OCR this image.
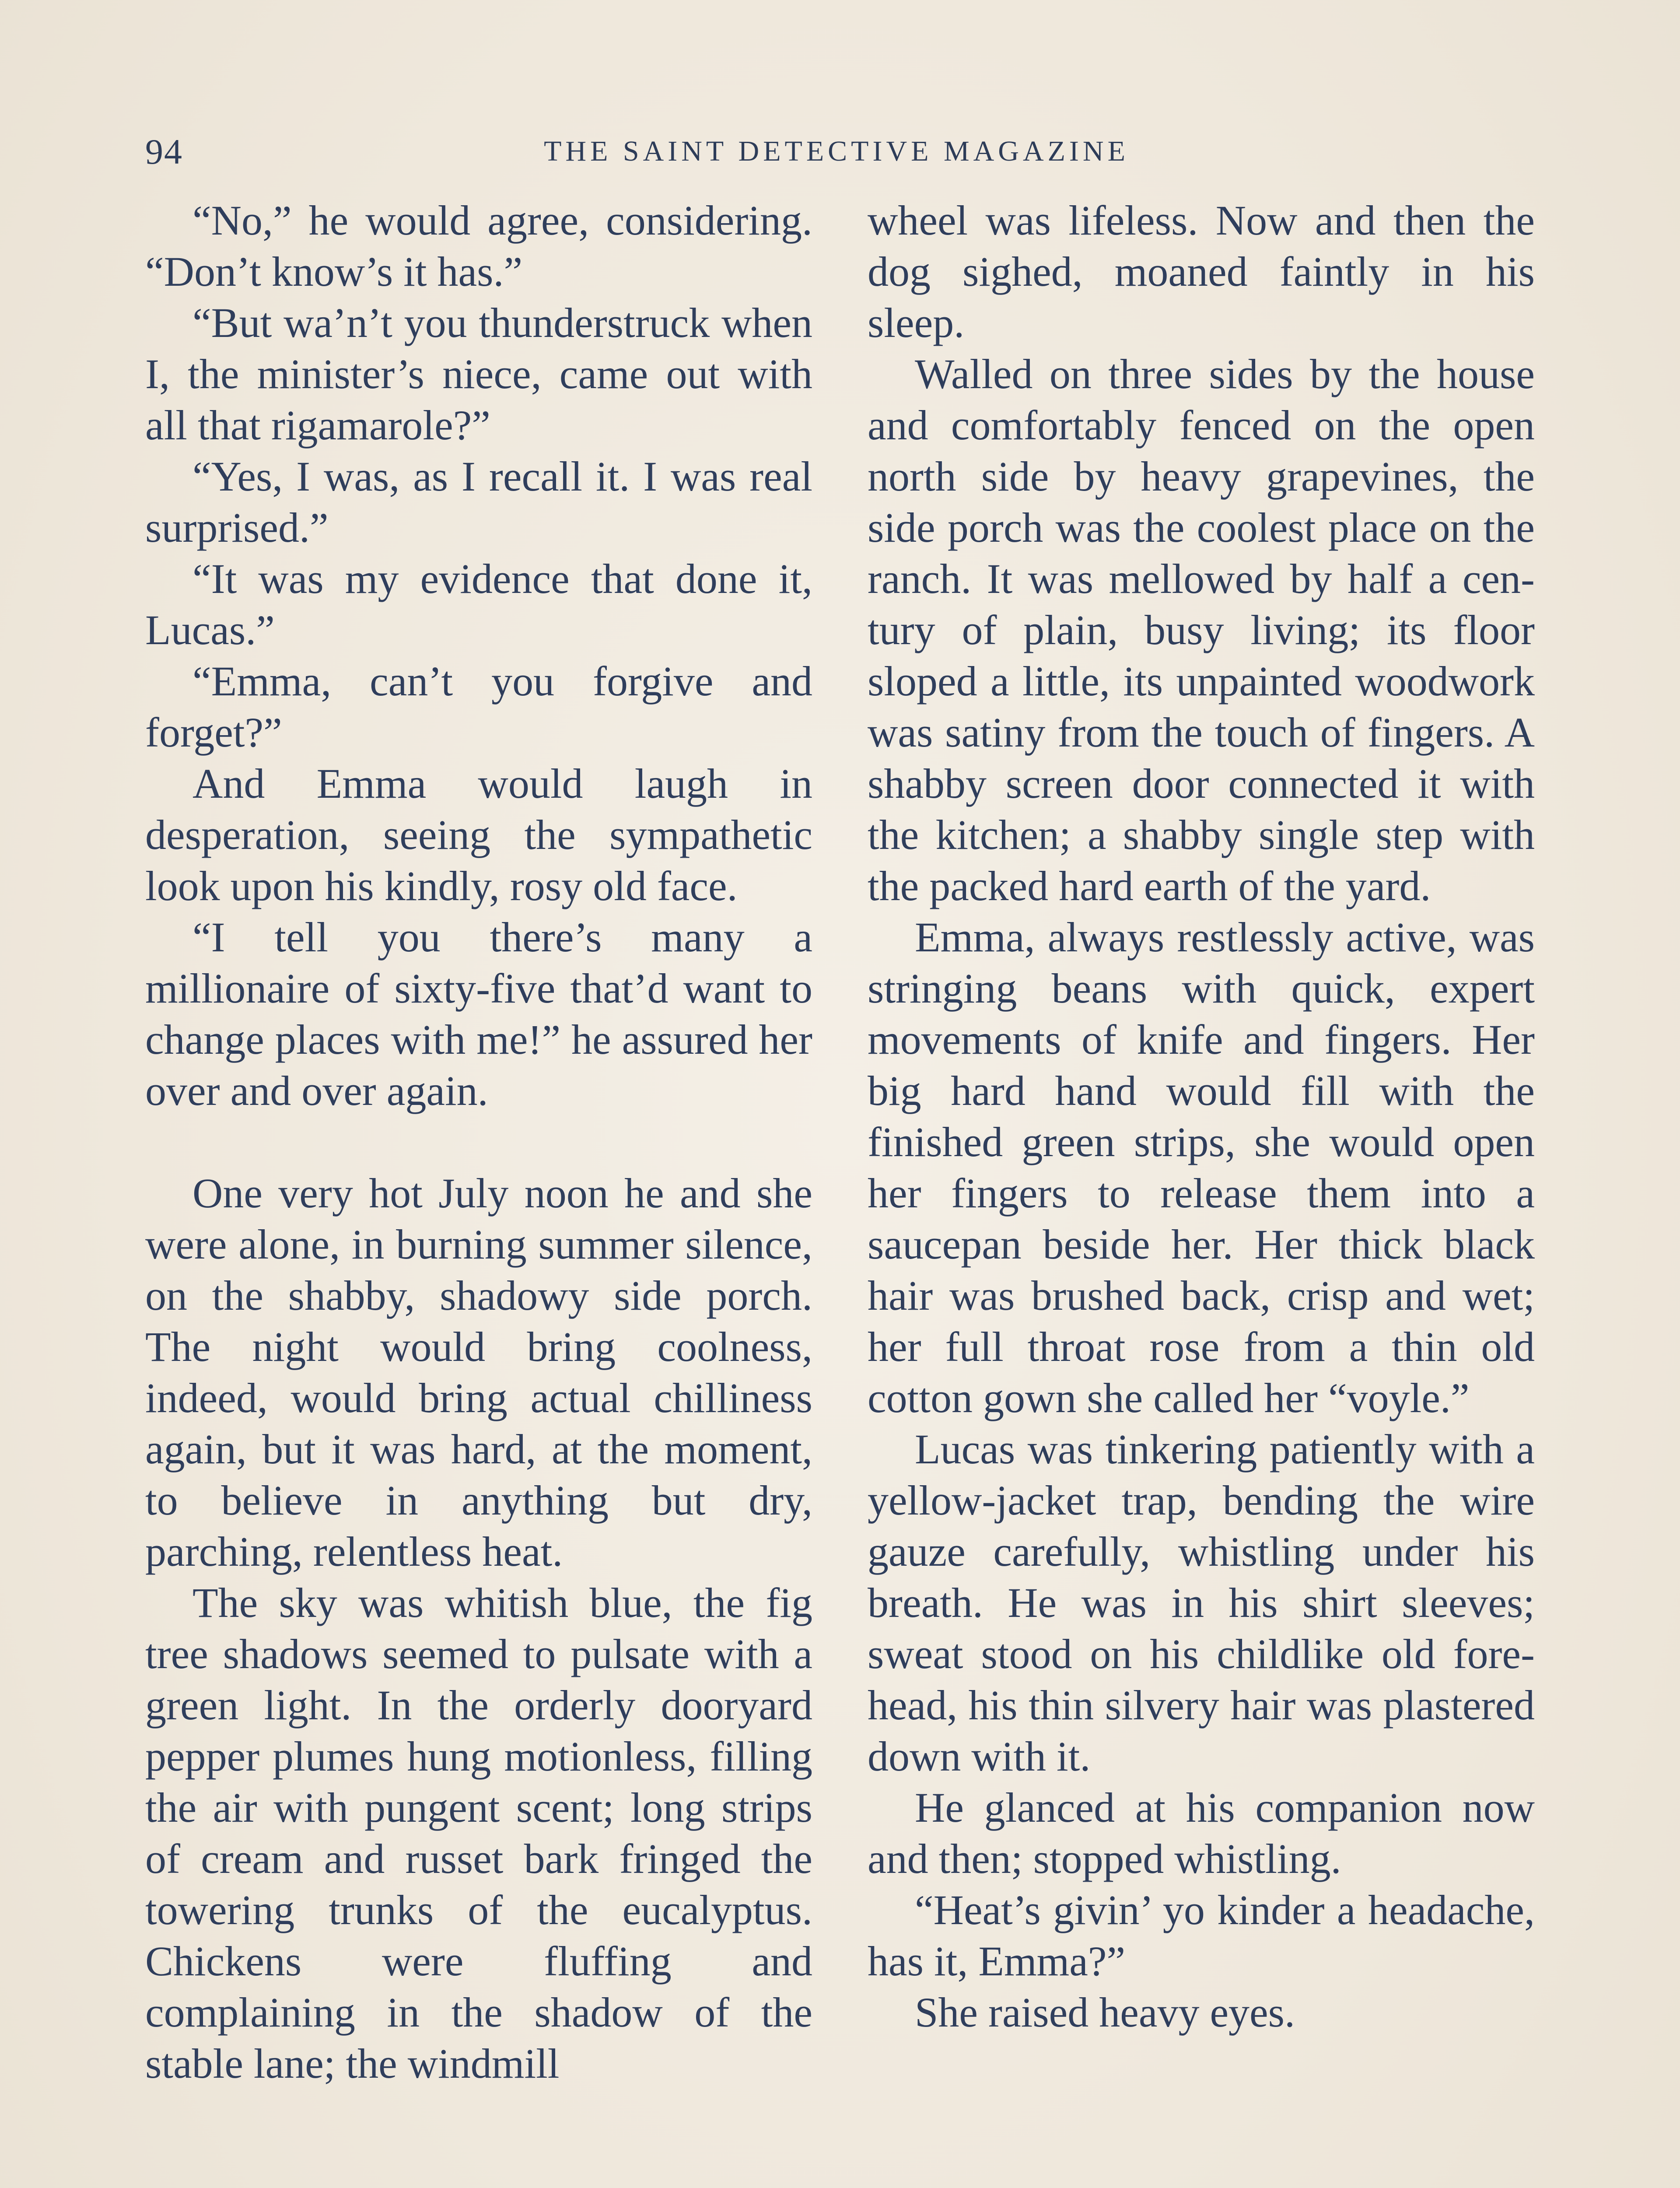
94	THE SAINT DETECTIVE MAGAZINE

“No,” he would agree, considering. “Don’t know’s it has.”

“But wa’n’t you thunderstruck when I, the minister’s niece, came out with all that rigamarole?”

“Yes, I was, as I recall it. I was real surprised.”

“It was my evidence that done it, Lucas.”

“Emma, can’t you forgive and forget?”

And Emma would laugh in desperation, seeing the sympathetic look upon his kindly, rosy old face.

“I tell you there’s many a millionaire of sixty-five that’d want to change places with me!” he assured her over and over again.

One very hot July noon he and she were alone, in burning summer silence, on the shabby, shadowy side porch. The night would bring coolness, indeed, would bring actual chilliness again, but it was hard, at the moment, to believe in anything but dry, parching, relentless heat.

The sky was whitish blue, the fig tree shadows seemed to pulsate with a green light. In the orderly dooryard pepper plumes hung motionless, filling the air with pungent scent; long strips of cream and russet bark fringed the towering trunks of the eucalyptus. Chickens were fluffing and complaining in the shadow of the stable lane; the windmill

wheel was lifeless. Now and then the dog sighed, moaned faintly in his sleep.

Walled on three sides by the house and comfortably fenced on the open north side by heavy grapevines, the side porch was the coolest place on the ranch. It was mellowed by half a century of plain, busy living; its floor sloped a little, its unpainted woodwork was satiny from the touch of fingers. A shabby screen door connected it with the kitchen; a shabby single step with the packed hard earth of the yard.

Emma, always restlessly active, was stringing beans with quick, expert movements of knife and fingers. Her big hard hand would fill with the finished green strips, she would open her fingers to release them into a saucepan beside her. Her thick black hair was brushed back, crisp and wet; her full throat rose from a thin old cotton gown she called her “voyle.”

Lucas was tinkering patiently with a yellow-jacket trap, bending the wire gauze carefully, whistling under his breath. He was in his shirt sleeves; sweat stood on his childlike old forehead, his thin silvery hair was plastered down with it.

He glanced at his companion now and then; stopped whistling.

“Heat’s givin’ yo kinder a headache, has it, Emma?”

She raised heavy eyes.
